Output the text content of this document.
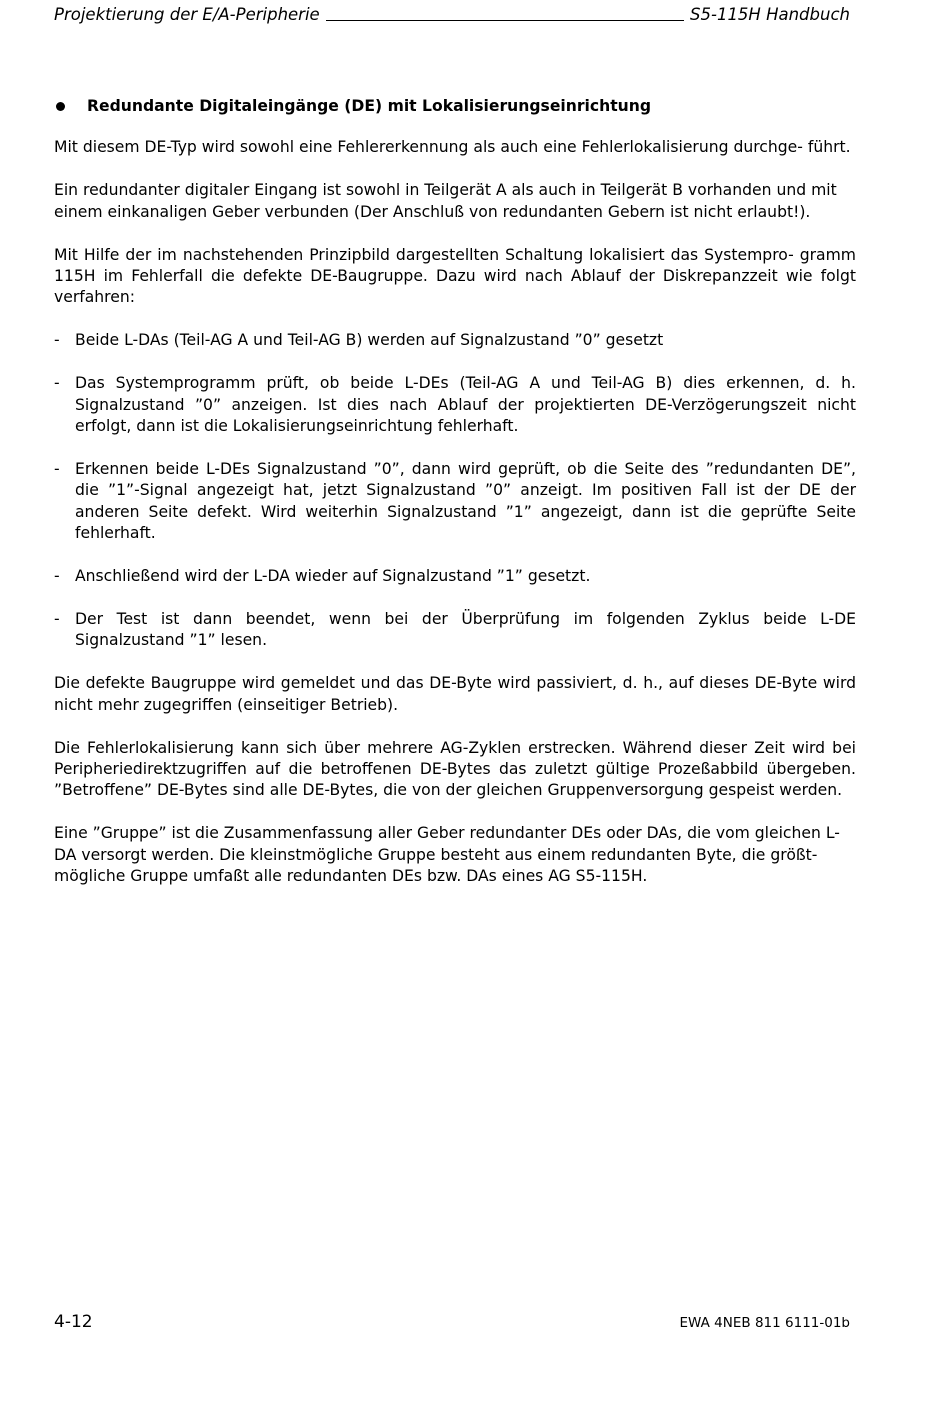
Projektierung der E/A-Peripherie	S5-115H Handbuch
Redundante Digitaleingänge (DE) mit Lokalisierungseinrichtung

Mit diesem DE-Typ wird sowohl eine Fehlererkennung als auch eine Fehlerlokalisierung durchge- führt.

Ein redundanter digitaler Eingang ist sowohl in Teilgerät A als auch in Teilgerät B vorhanden und mit einem einkanaligen Geber verbunden (Der Anschluß von redundanten Gebern ist nicht erlaubt!).

Mit Hilfe der im nachstehenden Prinzipbild dargestellten Schaltung lokalisiert das Systempro- gramm 115H im Fehlerfall die defekte DE-Baugruppe. Dazu wird nach Ablauf der Diskrepanzzeit wie folgt verfahren:

- Beide L-DAs (Teil-AG A und Teil-AG B) werden auf Signalzustand ”0” gesetzt
- Das Systemprogramm prüft, ob beide L-DEs (Teil-AG A und Teil-AG B) dies erkennen, d. h. Signalzustand ”0” anzeigen. Ist dies nach Ablauf der projektierten DE-Verzögerungszeit nicht erfolgt, dann ist die Lokalisierungseinrichtung fehlerhaft.
- Erkennen beide L-DEs Signalzustand ”0”, dann wird geprüft, ob die Seite des ”redundanten DE”, die ”1”-Signal angezeigt hat, jetzt Signalzustand ”0” anzeigt. Im positiven Fall ist der DE der anderen Seite defekt. Wird weiterhin Signalzustand ”1” angezeigt, dann ist die geprüfte Seite fehlerhaft.
- Anschließend wird der L-DA wieder auf Signalzustand ”1” gesetzt.
- Der Test ist dann beendet, wenn bei der Überprüfung im folgenden Zyklus beide L-DE Signalzustand ”1” lesen.

Die defekte Baugruppe wird gemeldet und das DE-Byte wird passiviert, d. h., auf dieses DE-Byte wird nicht mehr zugegriffen (einseitiger Betrieb).

Die Fehlerlokalisierung kann sich über mehrere AG-Zyklen erstrecken. Während dieser Zeit wird bei Peripheriedirektzugriffen auf die betroffenen DE-Bytes das zuletzt gültige Prozeßabbild übergeben. ”Betroffene” DE-Bytes sind alle DE-Bytes, die von der gleichen Gruppenversorgung gespeist werden.

Eine ”Gruppe” ist die Zusammenfassung aller Geber redundanter DEs oder DAs, die vom gleichen L-DA versorgt werden. Die kleinstmögliche Gruppe besteht aus einem redundanten Byte, die größt- mögliche Gruppe umfaßt alle redundanten DEs bzw. DAs eines AG S5-115H.

4-12	EWA 4NEB 811 6111-01b
